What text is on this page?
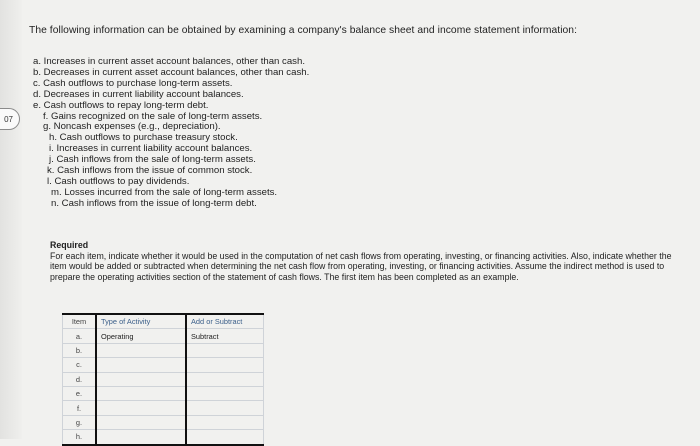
07
The following information can be obtained by examining a company's balance sheet and income statement information:
a. Increases in current asset account balances, other than cash.
b. Decreases in current asset account balances, other than cash.
c. Cash outflows to purchase long-term assets.
d. Decreases in current liability account balances.
e. Cash outflows to repay long-term debt.
f. Gains recognized on the sale of long-term assets.
g. Noncash expenses (e.g., depreciation).
h. Cash outflows to purchase treasury stock.
i. Increases in current liability account balances.
j. Cash inflows from the sale of long-term assets.
k. Cash inflows from the issue of common stock.
l. Cash outflows to pay dividends.
m. Losses incurred from the sale of long-term assets.
n. Cash inflows from the issue of long-term debt.
Required

For each item, indicate whether it would be used in the computation of net cash flows from operating, investing, or financing activities. Also, indicate whether the item would be added or subtracted when determining the net cash flow from operating, investing, or financing activities. Assume the indirect method is used to prepare the operating activities section of the statement of cash flows. The first item has been completed as an example.

Item	Type of Activity	Add or Subtract
a.	Operating	Subtract
b.		
c.		
d.		
e.		
f.		
g.		
h.		
